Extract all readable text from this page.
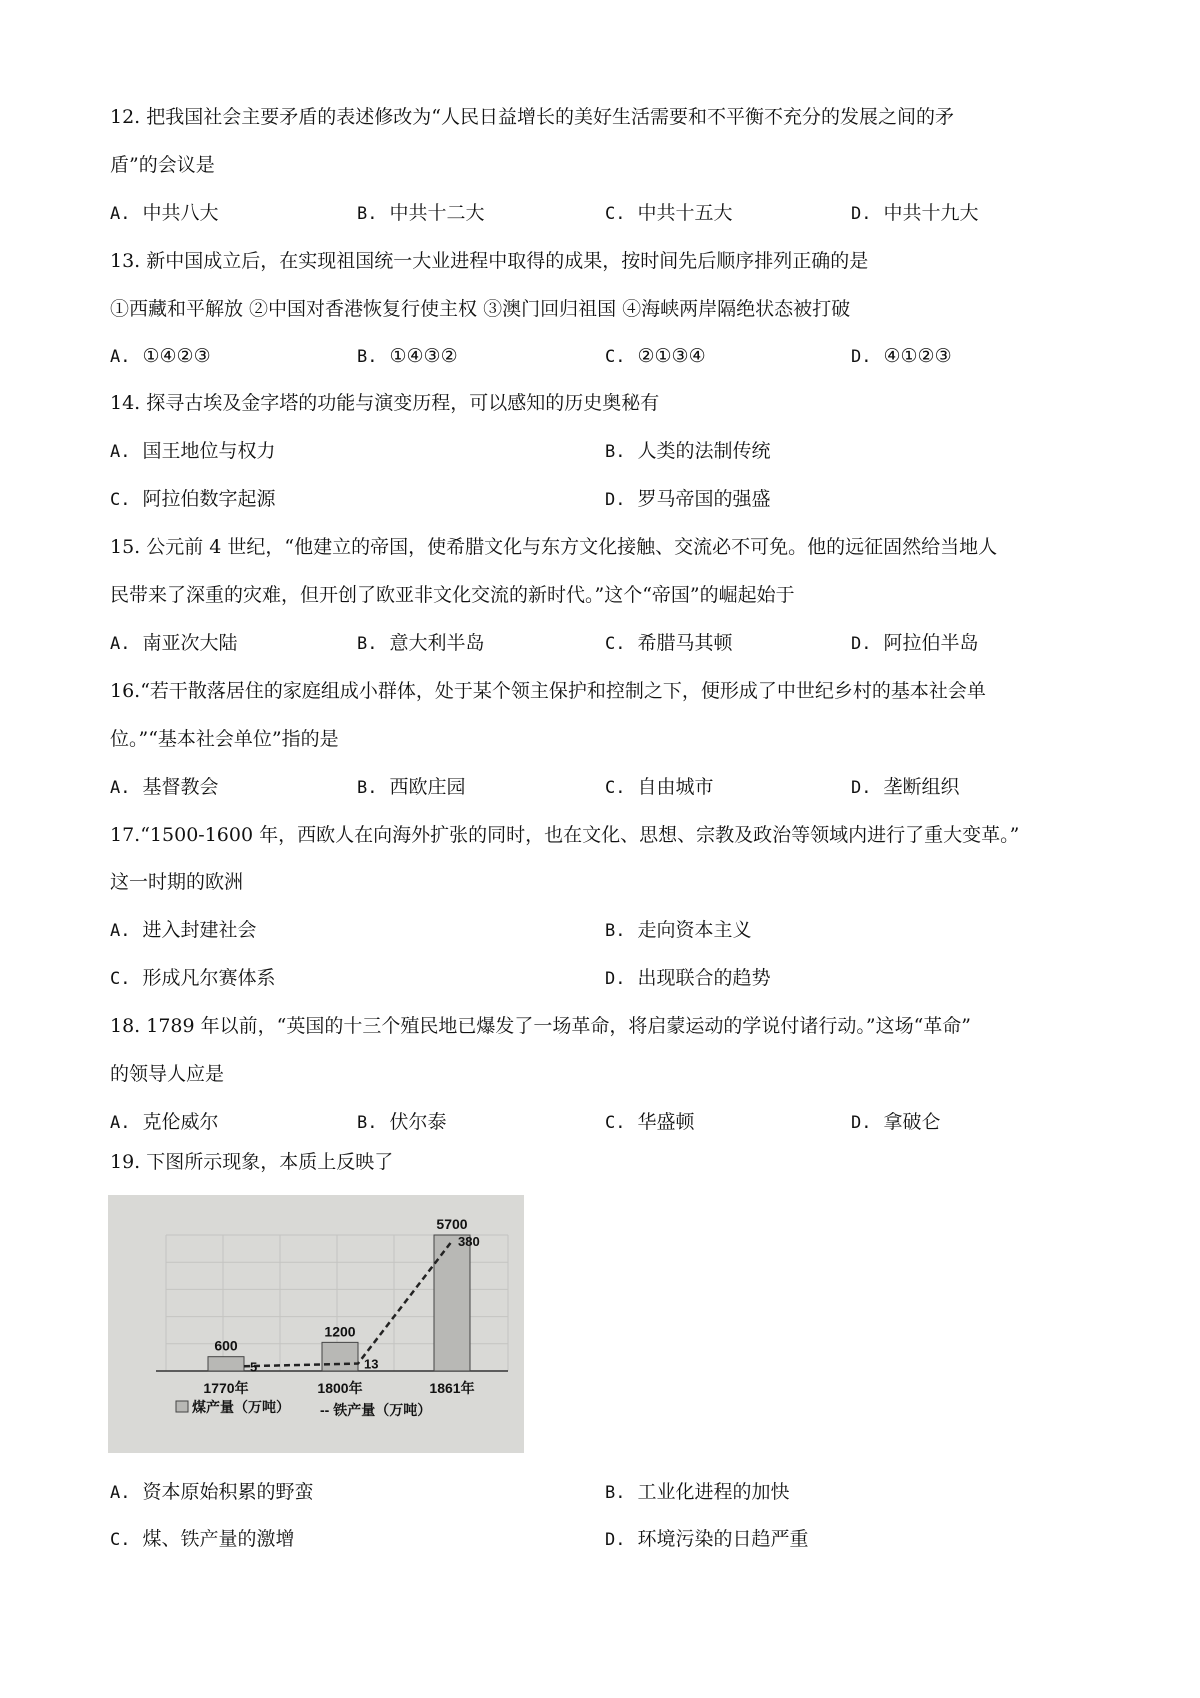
12. 把我国社会主要矛盾的表述修改为“人民日益增长的美好生活需要和不平衡不充分的发展之间的矛
盾”的会议是
A. 中共八大	B. 中共十二大	C. 中共十五大	D. 中共十九大
13. 新中国成立后，在实现祖国统一大业进程中取得的成果，按时间先后顺序排列正确的是
①西藏和平解放 ②中国对香港恢复行使主权 ③澳门回归祖国 ④海峡两岸隔绝状态被打破
A. ①④②③	B. ①④③②	C. ②①③④	D. ④①②③
14. 探寻古埃及金字塔的功能与演变历程，可以感知的历史奥秘有
A. 国王地位与权力	B. 人类的法制传统
C. 阿拉伯数字起源	D. 罗马帝国的强盛
15. 公元前 4 世纪，“他建立的帝国，使希腊文化与东方文化接触、交流必不可免。他的远征固然给当地人
民带来了深重的灾难，但开创了欧亚非文化交流的新时代。”这个“帝国”的崛起始于
A. 南亚次大陆	B. 意大利半岛	C. 希腊马其顿	D. 阿拉伯半岛
16.“若干散落居住的家庭组成小群体，处于某个领主保护和控制之下，便形成了中世纪乡村的基本社会单
位。”“基本社会单位”指的是
A. 基督教会	B. 西欧庄园	C. 自由城市	D. 垄断组织
17.“1500-1600 年，西欧人在向海外扩张的同时，也在文化、思想、宗教及政治等领域内进行了重大变革。”
这一时期的欧洲
A. 进入封建社会	B. 走向资本主义
C. 形成凡尔赛体系	D. 出现联合的趋势
18. 1789 年以前，“英国的十三个殖民地已爆发了一场革命，将启蒙运动的学说付诸行动。”这场“革命”
的领导人应是
A. 克伦威尔	B. 伏尔泰	C. 华盛顿	D. 拿破仑
19. 下图所示现象，本质上反映了
600
1200
5700
5	13
380
1770年	1800年	1861年
煤产量（万吨） -- 铁产量（万吨）
A. 资本原始积累的野蛮	B. 工业化进程的加快
C. 煤、铁产量的激增	D. 环境污染的日趋严重
